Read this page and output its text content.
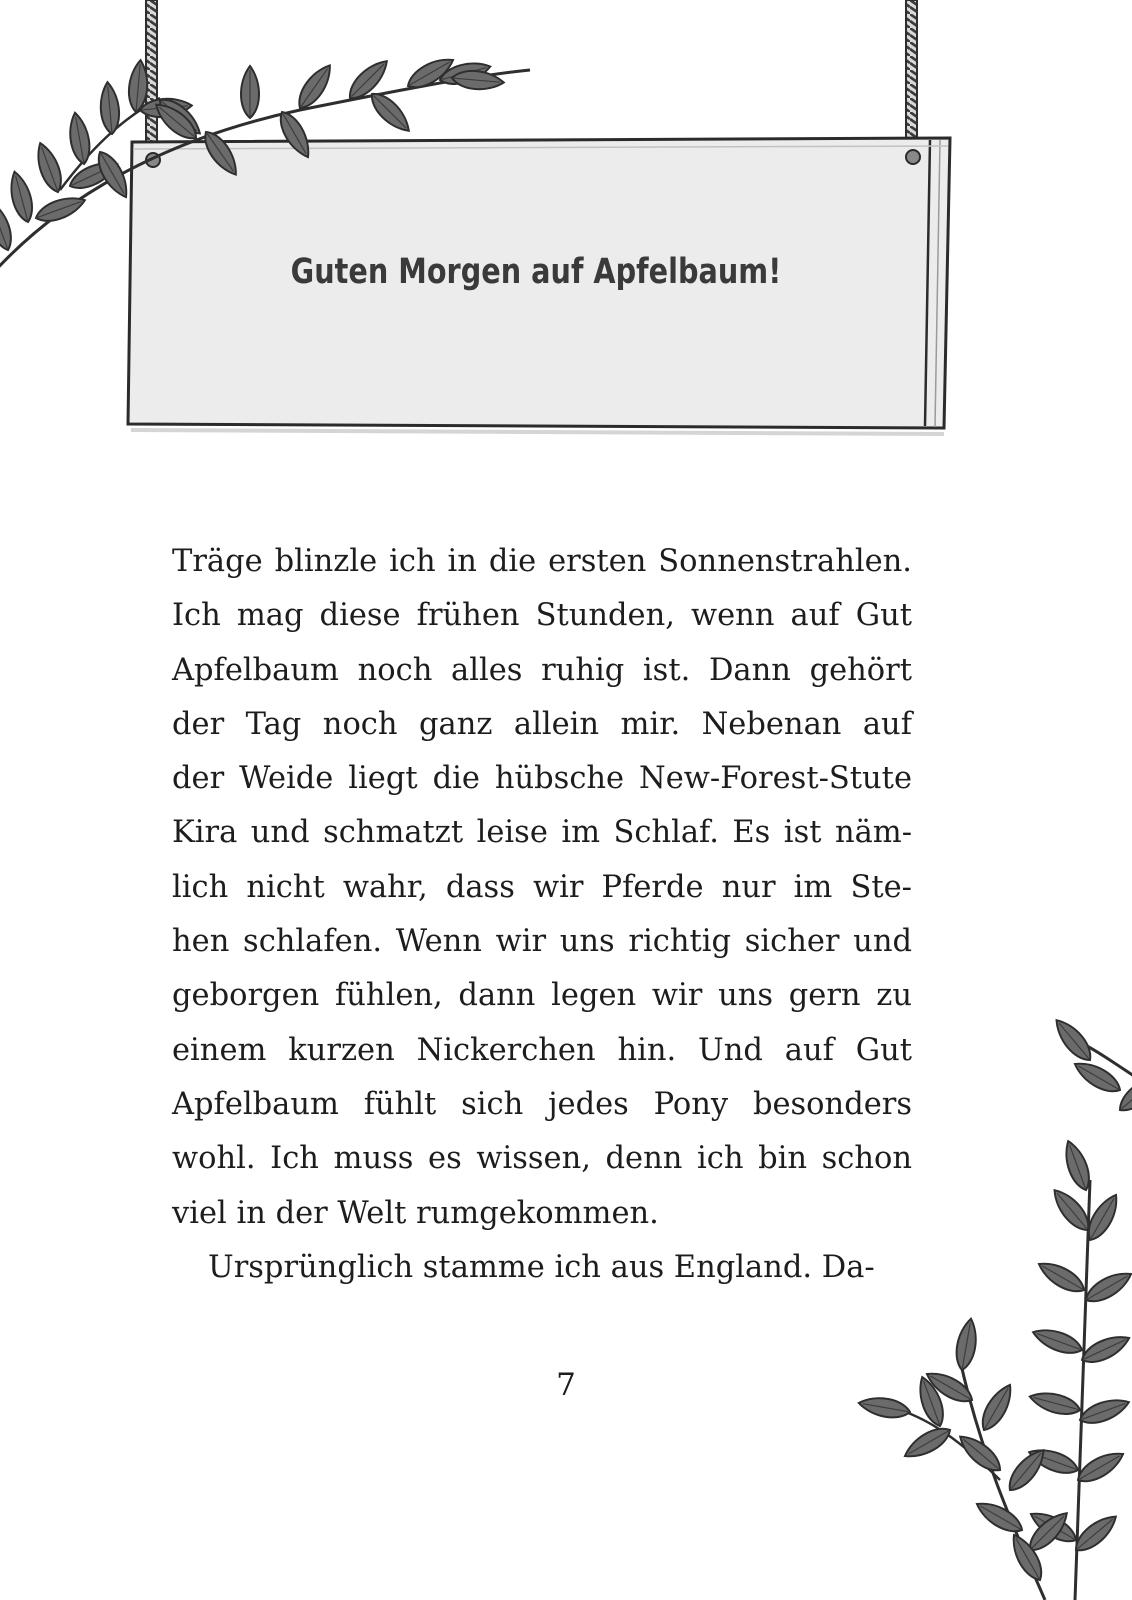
Guten Morgen auf Apfelbaum!
Träge blinzle ich in die ersten Sonnenstrahlen.
Ich mag diese frühen Stunden, wenn auf Gut
Apfelbaum noch alles ruhig ist. Dann gehört
der Tag noch ganz allein mir. Nebenan auf
der Weide liegt die hübsche New-Forest-Stute
Kira und schmatzt leise im Schlaf. Es ist näm-
lich nicht wahr, dass wir Pferde nur im Ste-
hen schlafen. Wenn wir uns richtig sicher und
geborgen fühlen, dann legen wir uns gern zu
einem kurzen Nickerchen hin. Und auf Gut
Apfelbaum fühlt sich jedes Pony besonders
wohl. Ich muss es wissen, denn ich bin schon
viel in der Welt rumgekommen.
Ursprünglich stamme ich aus England. Da-
7
